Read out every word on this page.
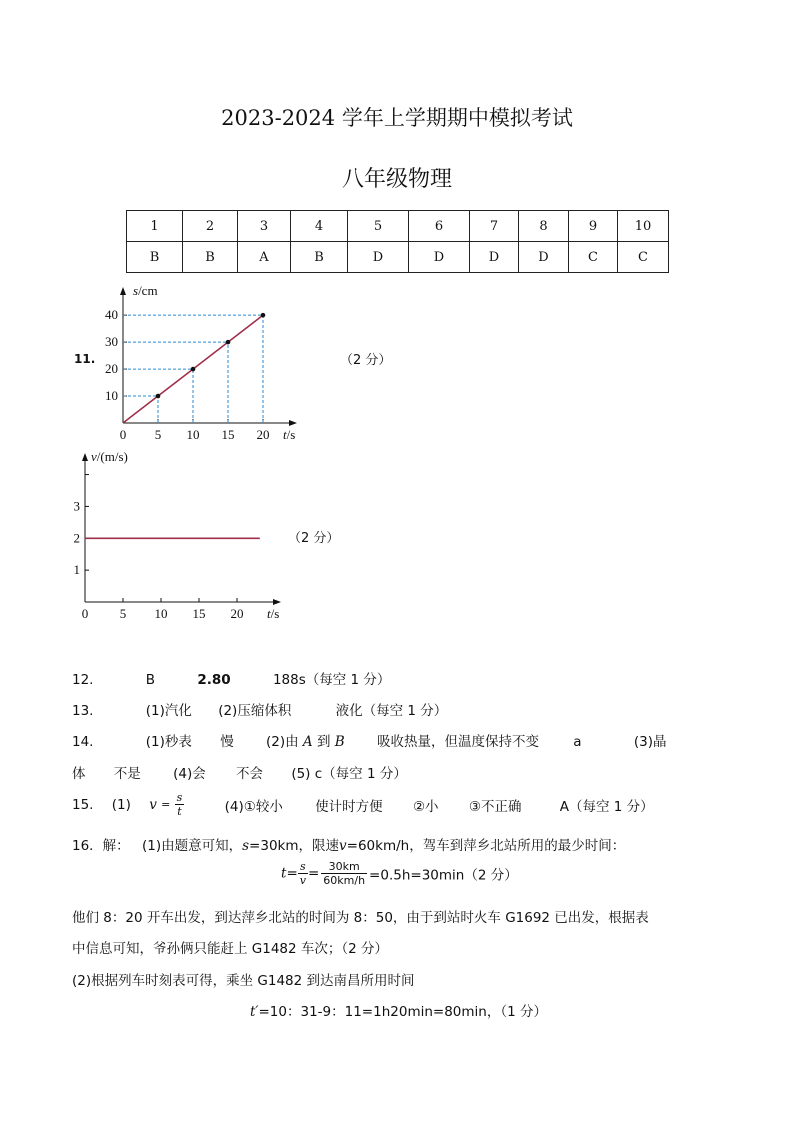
2023-2024 学年上学期期中模拟考试
八年级物理
1	2	3	4	5	6	7	8	9	10
B	B	A	B	D	D	D	D	C	C
11.	（2 分）
（2 分）
s/cm
t/s
0 5 10 15 20
10
20
30
40
v/(m/s)
t/s
0 5 10 15 20
1
2
3
12.	B	2.80	188s（每空 1 分）
13.	(1)汽化 (2)压缩体积	液化（每空 1 分）
14.	(1)秒表 慢 (2)由 A 到 B 吸收热量，但温度保持不变	a	(3)晶
体 不是 (4)会 不会 (5) c（每空 1 分）
15. (1) $v = \frac{s}{t}$	(4)①较小 使计时方便 ②小 ③不正确	A（每空 1 分）
16．解： (1)由题意可知，s=30km，限速v=60km/h，驾车到萍乡北站所用的最少时间：
$t= \frac{s}{v} = \frac{30km}{60km/h} =0.5h=30\min(2$ 分）
他们 8：20 开车出发，到达萍乡北站的时间为 8：50，由于到站时火车 G1692 已出发，根据表
中信息可知，爷孙俩只能赶上 G1482 车次；（2 分）
(2)根据列车时刻表可得，乘坐 G1482 到达南昌所用时间
t′=10：31-9：11=1h20min=80min，（1 分）
